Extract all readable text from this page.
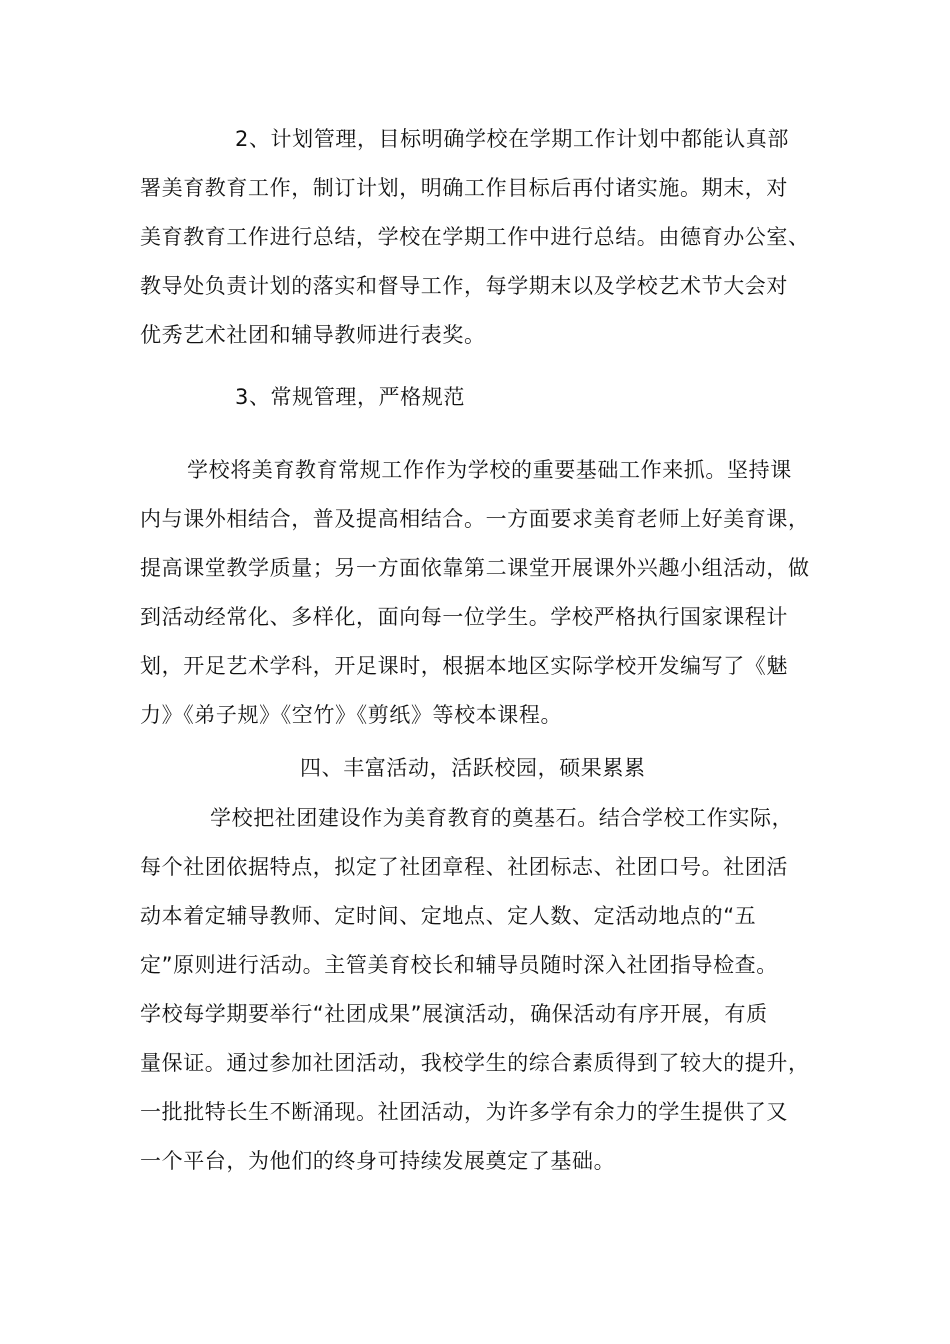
2、计划管理，目标明确学校在学期工作计划中都能认真部
署美育教育工作，制订计划，明确工作目标后再付诸实施。期末，对
美育教育工作进行总结，学校在学期工作中进行总结。由德育办公室、
教导处负责计划的落实和督导工作，每学期末以及学校艺术节大会对
优秀艺术社团和辅导教师进行表奖。
3、常规管理，严格规范
学校将美育教育常规工作作为学校的重要基础工作来抓。坚持课
内与课外相结合，普及提高相结合。一方面要求美育老师上好美育课，
提高课堂教学质量；另一方面依靠第二课堂开展课外兴趣小组活动，做
到活动经常化、多样化，面向每一位学生。学校严格执行国家课程计
划，开足艺术学科，开足课时，根据本地区实际学校开发编写了《魅
力》《弟子规》《空竹》《剪纸》等校本课程。
四、丰富活动，活跃校园，硕果累累
学校把社团建设作为美育教育的奠基石。结合学校工作实际，
每个社团依据特点，拟定了社团章程、社团标志、社团口号。社团活
动本着定辅导教师、定时间、定地点、定人数、定活动地点的“五
定”原则进行活动。主管美育校长和辅导员随时深入社团指导检查。
学校每学期要举行“社团成果”展演活动，确保活动有序开展，有质
量保证。通过参加社团活动，我校学生的综合素质得到了较大的提升，
一批批特长生不断涌现。社团活动，为许多学有余力的学生提供了又
一个平台，为他们的终身可持续发展奠定了基础。
